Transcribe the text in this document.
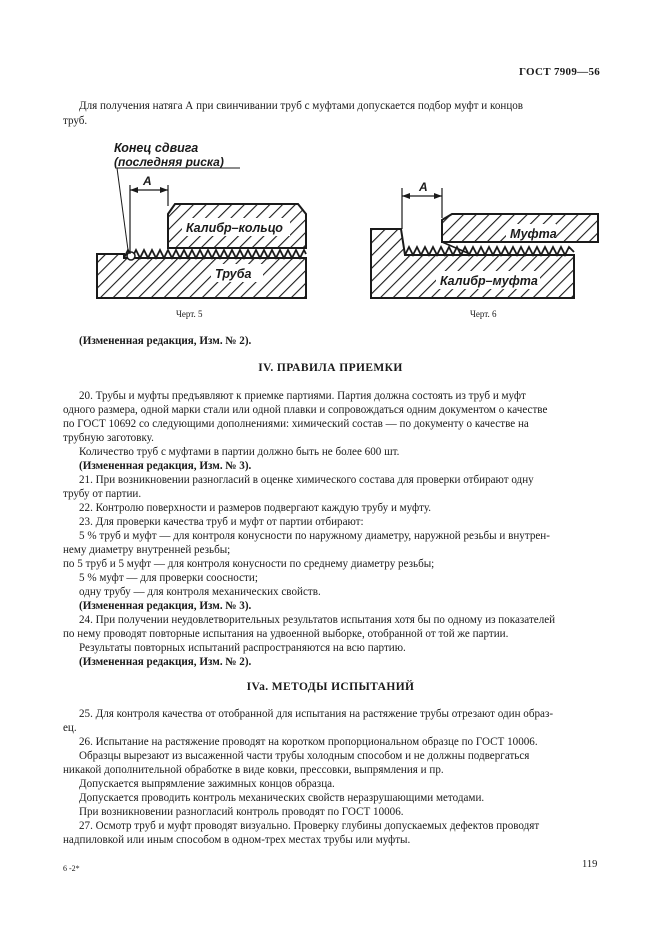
ГОСТ 7909—56
Для получения натяга А при свинчивании труб с муфтами допускается подбор муфт и концов
труб.
Конец сдвига
(последняя риска)
А
Калибр–кольцо
Труба
А
Муфта
Калибр–муфта
Черт. 5	Черт. 6
(Измененная редакция, Изм. № 2).
IV. ПРАВИЛА ПРИЕМКИ
20. Трубы и муфты предъявляют к приемке партиями. Партия должна состоять из труб и муфт
одного размера, одной марки стали или одной плавки и сопровождаться одним документом о качестве
по ГОСТ 10692 со следующими дополнениями: химический состав — по документу о качестве на
трубную заготовку.
Количество труб с муфтами в партии должно быть не более 600 шт.
(Измененная редакция, Изм. № 3).
21. При возникновении разногласий в оценке химического состава для проверки отбирают одну
трубу от партии.
22. Контролю поверхности и размеров подвергают каждую трубу и муфту.
23. Для проверки качества труб и муфт от партии отбирают:
5 % труб и муфт — для контроля конусности по наружному диаметру, наружной резьбы и внутрен-
нему диаметру внутренней резьбы;
по 5 труб и 5 муфт — для контроля конусности по среднему диаметру резьбы;
5 % муфт — для проверки соосности;
одну трубу — для контроля механических свойств.
(Измененная редакция, Изм. № 3).
24. При получении неудовлетворительных результатов испытания хотя бы по одному из показателей
по нему проводят повторные испытания на удвоенной выборке, отобранной от той же партии.
Результаты повторных испытаний распространяются на всю партию.
(Измененная редакция, Изм. № 2).
IVa. МЕТОДЫ ИСПЫТАНИЙ
25. Для контроля качества от отобранной для испытания на растяжение трубы отрезают один образ-
ец.
26. Испытание на растяжение проводят на коротком пропорциональном образце по ГОСТ 10006.
Образцы вырезают из высаженной части трубы холодным способом и не должны подвергаться
никакой дополнительной обработке в виде ковки, прессовки, выпрямления и пр.
Допускается выпрямление зажимных концов образца.
Допускается проводить контроль механических свойств неразрушающими методами.
При возникновении разногласий контроль проводят по ГОСТ 10006.
27. Осмотр труб и муфт проводят визуально. Проверку глубины допускаемых дефектов проводят
надпиловкой или иным способом в одном-трех местах трубы или муфты.
6 -2*	119
